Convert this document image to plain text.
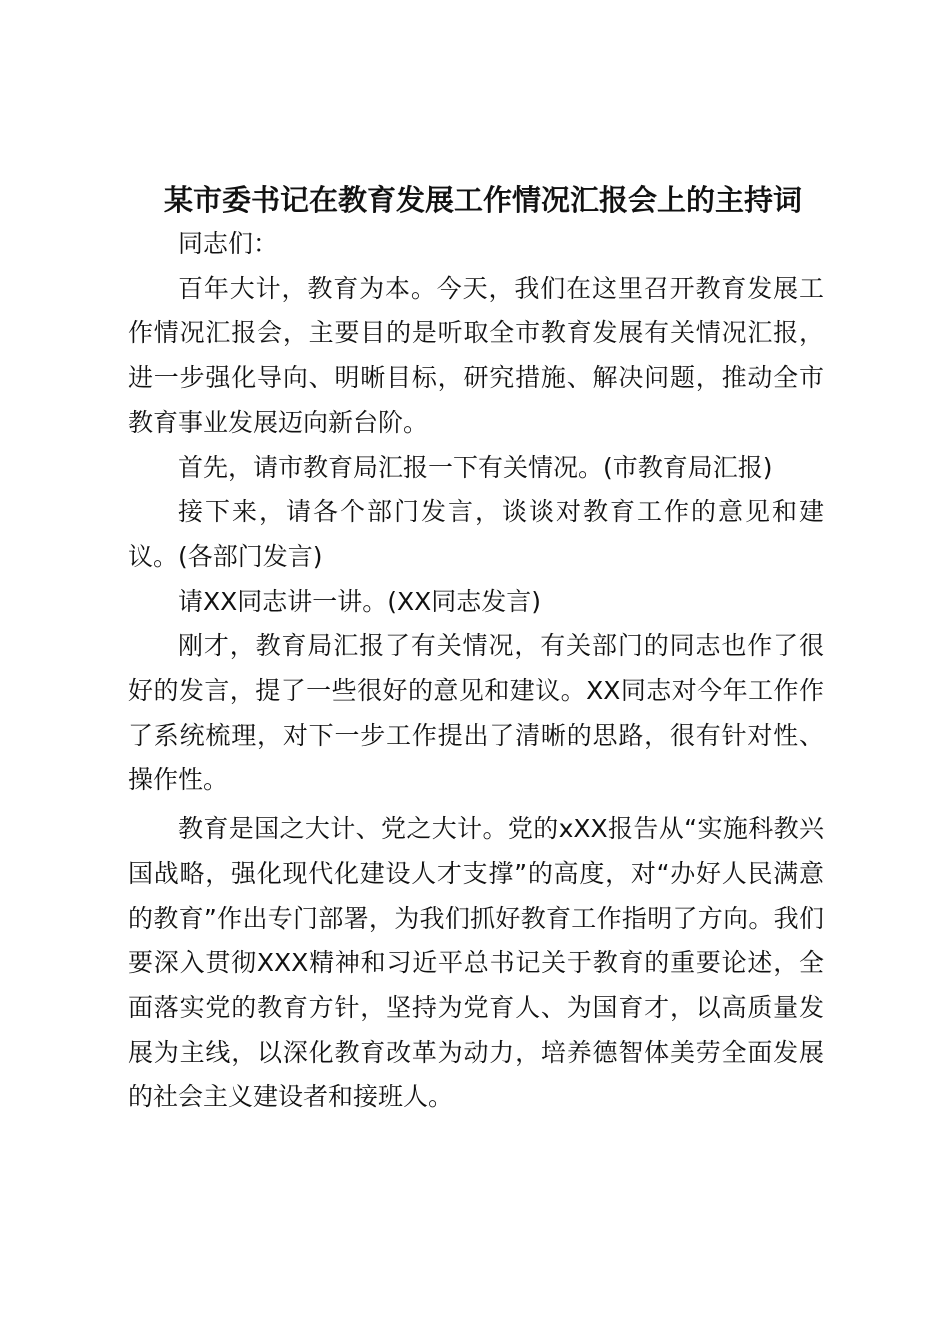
某市委书记在教育发展工作情况汇报会上的主持词

同志们：

百年大计，教育为本。今天，我们在这里召开教育发展工作情况汇报会，主要目的是听取全市教育发展有关情况汇报，进一步强化导向、明晰目标，研究措施、解决问题，推动全市教育事业发展迈向新台阶。

首先，请市教育局汇报一下有关情况。(市教育局汇报)

接下来，请各个部门发言，谈谈对教育工作的意见和建议。(各部门发言)

请XX同志讲一讲。(XX同志发言)

刚才，教育局汇报了有关情况，有关部门的同志也作了很好的发言，提了一些很好的意见和建议。XX同志对今年工作作了系统梳理，对下一步工作提出了清晰的思路，很有针对性、操作性。

教育是国之大计、党之大计。党的xXX报告从“实施科教兴国战略，强化现代化建设人才支撑”的高度，对“办好人民满意的教育”作出专门部署，为我们抓好教育工作指明了方向。我们要深入贯彻XXX精神和习近平总书记关于教育的重要论述，全面落实党的教育方针，坚持为党育人、为国育才，以高质量发展为主线，以深化教育改革为动力，培养德智体美劳全面发展的社会主义建设者和接班人。
